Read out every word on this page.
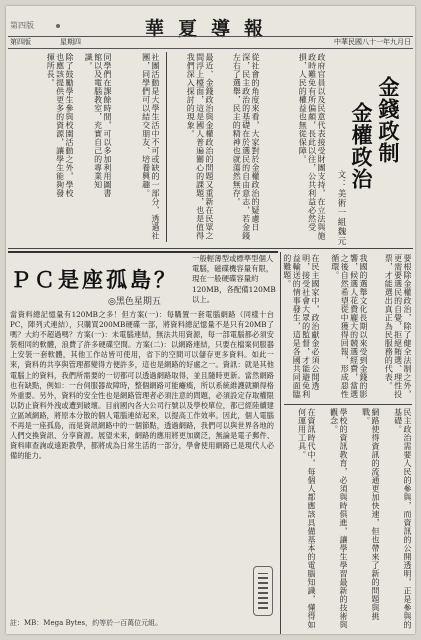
第四版	華夏導報
第四版	星期四	中華民國八十一年九月日
除了鼓勵學生參與校園活動之外，學校也應該提供更多的資源，讓學生能夠發揮所長。	同學們在課餘時間，可以多加利用圖書館以及電腦教室，充實自己的專業知識。	社團活動是大學生活中不可或缺的一部分，透過社團，同學們可以結交朋友、培養興趣。	最近、金錢政治與金權政治的問題又重新在民眾之間浮上檯面，這是國人普遍關心的課題，也是值得我們深入探討的現象。	從社會的角度來看，大家對於金權政治的疑慮日深，民主政治的基礎在於選民的自由意志，若金錢左右了選舉，民主的精神也就蕩然無存。	政府官員以及民意代表接受財團支持，在立法與施政時難免有所偏頗，長此以往，公共利益必然受損，人民的權益也無從保障。	金錢政制
金權政治
文：美術一組魏元
在民主國家中，政治獻金必須公開透明，接受社會大眾的監督，才能避免利益輸送的情事發生，這是各國共同面臨的難題。	我國的選舉文化長期以來受到金錢的影響，候選人花費龐大的競選經費，當選之後自然希望從中獲得回報，形成惡性循環。	要根除金權政治，除了健全法制之外，更需要選民的自覺，拒絕賄選、理性投票，才能選出真正為民服務的代表。
ＰＣ是座孤島？
一般輕薄型或標準型個人電腦，磁碟機容量有限，現在一般硬碟容量約120MB，各配備120MB以上。
◎黑色星期五
當資料總記憶量有120MB之多！但方案(一)：每購置一套電腦網路（同樣十台PC，陣列式連結），只購買200MB硬碟一部，將資料總記憶量不是只有20MB了嗎？大約不超過嗎？方案(一)：未電腦連結，無法共用資源，每一部電腦都必須安裝相同的軟體，浪費了許多硬碟空間。方案(二)：以網路連結，只要在檔案伺服器上安裝一套軟體，其他工作站皆可使用，省下的空間可以儲存更多資料。如此一來，資料的共享與管理都變得方便許多，這也是網路的好處之一。資訊：就是其他電腦上的資料，我們所需要的一切都可以透過網路取得，並且隨時更新。當然網路也有缺點，例如：一台伺服器故障時，整個網路可能癱瘓，所以系統維護就顯得格外重要。另外，資料的安全性也是網路管理者必須注意的問題，必須設定存取權限以防止資料外洩或遭到破壞。目前國內各大公司行號以及學校單位，都已經陸續建立區域網路，將原本分散的個人電腦連結起來，以提高工作效率。因此，個人電腦不再是一座孤島，而是資訊網路中的一個節點，透過網路，我們可以與世界各地的人們交換資訊、分享資源。展望未來，網路的應用將更加廣泛，無論是電子郵件、資料庫查詢或遠距教學，都將成為日常生活的一部分，學會使用網路已是現代人必備的能力。
註：MB：Mega Bytes，約等於一百萬位元組。	在資訊時代中，每個人都應該具備基本的電腦知識，懂得如何運用工具。	學校的資訊教育，必須與時俱進，讓學生學習最新的技術與觀念。	網路使得資訊的流通更加快速，但也帶來了新的問題與挑戰。	民主政治需要人民的參與，而資訊的公開透明，正是參與的基礎。
